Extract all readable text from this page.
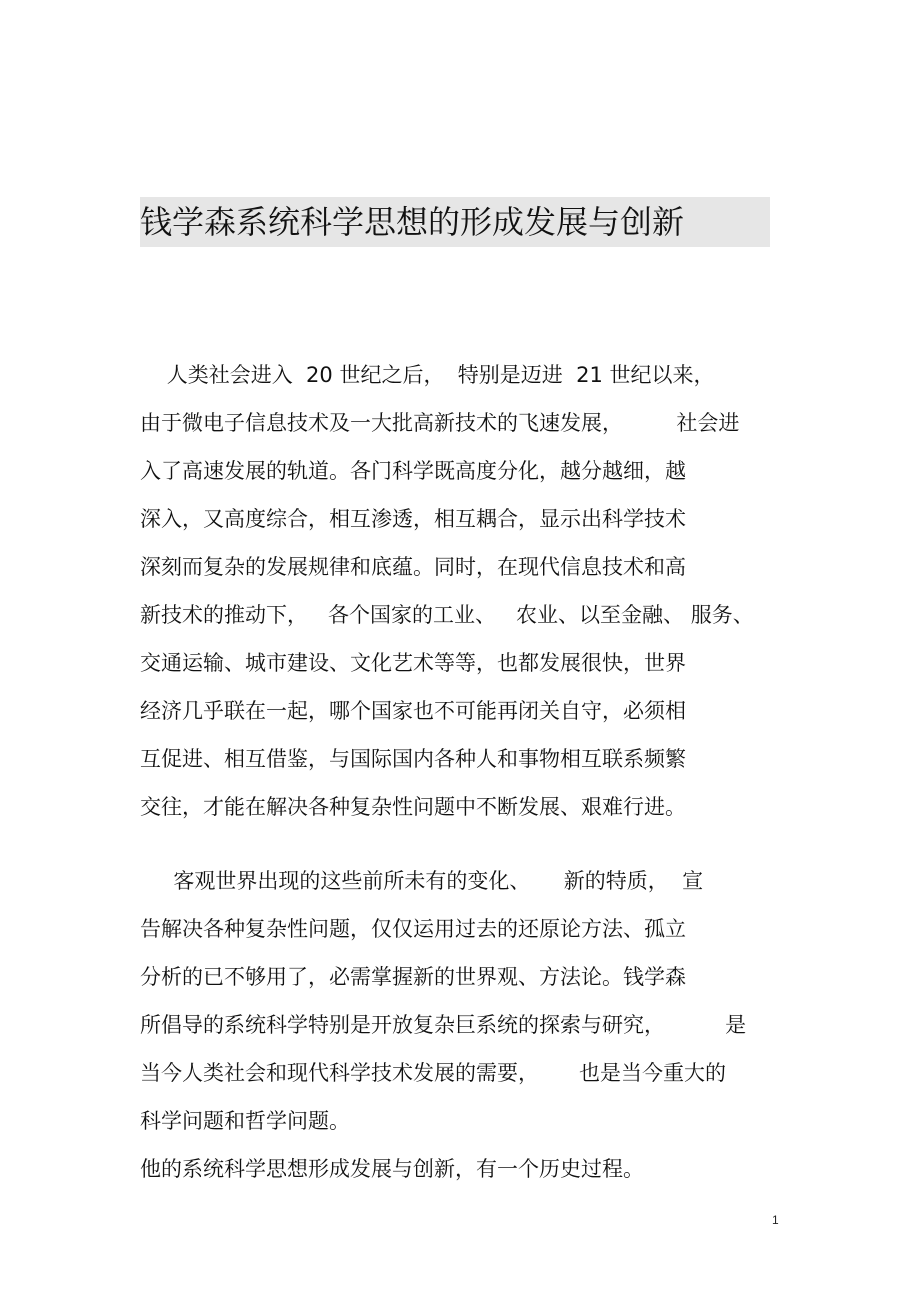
钱学森系统科学思想的形成发展与创新

人类社会进入  20 世纪之后，  特别是迈进  21 世纪以来，

由于微电子信息技术及一大批高新技术的飞速发展，        社会进

入了高速发展的轨道。各门科学既高度分化，越分越细，越

深入，又高度综合，相互渗透，相互耦合，显示出科学技术

深刻而复杂的发展规律和底蕴。同时，在现代信息技术和高

新技术的推动下，   各个国家的工业、   农业、以至金融、 服务、

交通运输、城市建设、文化艺术等等，也都发展很快，世界

经济几乎联在一起，哪个国家也不可能再闭关自守，必须相

互促进、相互借鉴，与国际国内各种人和事物相互联系频繁

交往，才能在解决各种复杂性问题中不断发展、艰难行进。

客观世界出现的这些前所未有的变化、     新的特质，  宣

告解决各种复杂性问题，仅仅运用过去的还原论方法、孤立

分析的已不够用了，必需掌握新的世界观、方法论。钱学森

所倡导的系统科学特别是开放复杂巨系统的探索与研究，         是

当今人类社会和现代科学技术发展的需要，      也是当今重大的

科学问题和哲学问题。

他的系统科学思想形成发展与创新，有一个历史过程。

1
